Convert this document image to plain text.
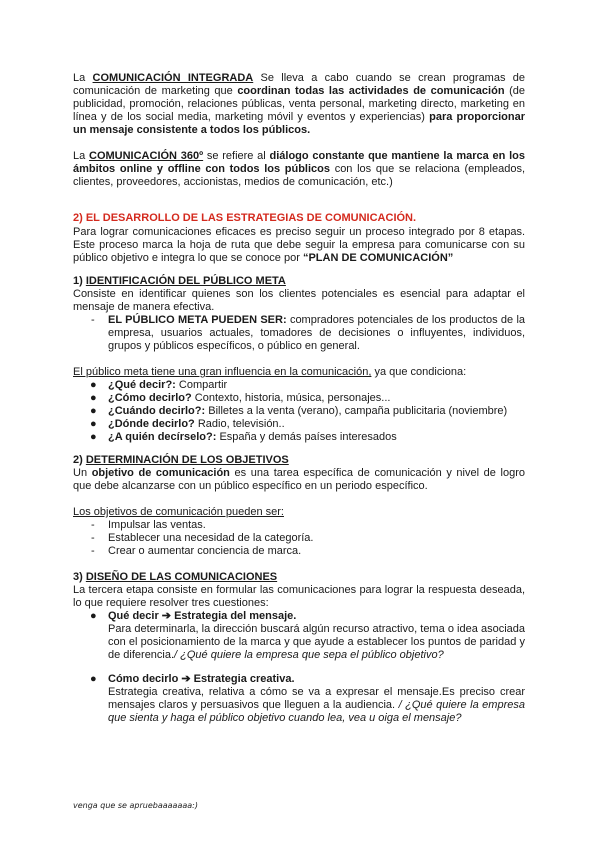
La COMUNICACIÓN INTEGRADA Se lleva a cabo cuando se crean programas de comunicación de marketing que coordinan todas las actividades de comunicación (de publicidad, promoción, relaciones públicas, venta personal, marketing directo, marketing en línea y de los social media, marketing móvil y eventos y experiencias) para proporcionar un mensaje consistente a todos los públicos.

La COMUNICACIÓN 360º se refiere al diálogo constante que mantiene la marca en los ámbitos online y offline con todos los públicos con los que se relaciona (empleados, clientes, proveedores, accionistas, medios de comunicación, etc.)

2) EL DESARROLLO DE LAS ESTRATEGIAS DE COMUNICACIÓN.

Para lograr comunicaciones eficaces es preciso seguir un proceso integrado por 8 etapas. Este proceso marca la hoja de ruta que debe seguir la empresa para comunicarse con su público objetivo e integra lo que se conoce por “PLAN DE COMUNICACIÓN”

1) IDENTIFICACIÓN DEL PÚBLICO META

Consiste en identificar quienes son los clientes potenciales es esencial para adaptar el mensaje de manera efectiva.

- EL PÚBLICO META PUEDEN SER: compradores potenciales de los productos de la empresa, usuarios actuales, tomadores de decisiones o influyentes, individuos, grupos y públicos específicos, o público en general.

El público meta tiene una gran influencia en la comunicación, ya que condiciona:

● ¿Qué decir?: Compartir
● ¿Cómo decirlo? Contexto, historia, música, personajes...
● ¿Cuándo decirlo?: Billetes a la venta (verano), campaña publicitaria (noviembre)
● ¿Dónde decirlo? Radio, televisión..
● ¿A quién decírselo?: España y demás países interesados

2) DETERMINACIÓN DE LOS OBJETIVOS

Un objetivo de comunicación es una tarea específica de comunicación y nivel de logro que debe alcanzarse con un público específico en un periodo específico.

Los objetivos de comunicación pueden ser:

- Impulsar las ventas.
- Establecer una necesidad de la categoría.
- Crear o aumentar conciencia de marca.

3) DISEÑO DE LAS COMUNICACIONES

La tercera etapa consiste en formular las comunicaciones para lograr la respuesta deseada, lo que requiere resolver tres cuestiones:

● Qué decir ➔ Estrategia del mensaje.

Para determinarla, la dirección buscará algún recurso atractivo, tema o idea asociada con el posicionamiento de la marca y que ayude a establecer los puntos de paridad y de diferencia./ ¿Qué quiere la empresa que sepa el público objetivo?

● Cómo decirlo ➔ Estrategia creativa.

Estrategia creativa, relativa a cómo se va a expresar el mensaje.Es preciso crear mensajes claros y persuasivos que lleguen a la audiencia. / ¿Qué quiere la empresa que sienta y haga el público objetivo cuando lea, vea u oiga el mensaje?

venga que se apruebaaaaaaa:)
